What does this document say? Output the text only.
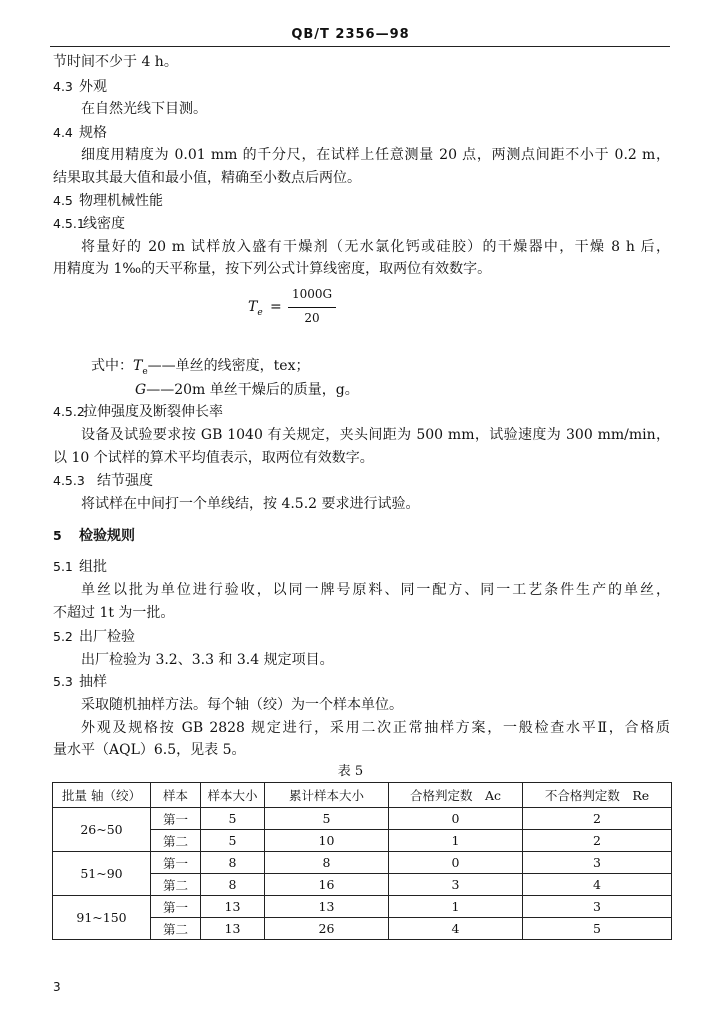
QB/T 2356—98
节时间不少于 4 h。
4.3 外观
在自然光线下目测。
4.4 规格
细度用精度为 0.01 mm 的千分尺，在试样上任意测量 20 点，两测点间距不小于 0.2 m，
结果取其最大值和最小值，精确至小数点后两位。
4.5 物理机械性能
4.5.1线密度
将量好的 20 m 试样放入盛有干燥剂（无水氯化钙或硅胶）的干燥器中，干燥 8 h 后，
用精度为 1‰的天平称量，按下列公式计算线密度，取两位有效数字。
$T_e$ =
1000G
20
式中：$T_e——$单丝的线密度，tex；
G——20m 单丝干燥后的质量，g。
4.5.2拉伸强度及断裂伸长率
设备及试验要求按 GB 1040 有关规定，夹头间距为 500 mm，试验速度为 300 mm/min，
以 10 个试样的算术平均值表示，取两位有效数字。
4.5.3 结节强度
将试样在中间打一个单线结，按 4.5.2 要求进行试验。
5 检验规则
5.1 组批
单丝以批为单位进行验收，以同一牌号原料、同一配方、同一工艺条件生产的单丝，
不超过 1t 为一批。
5.2 出厂检验
出厂检验为 3.2、3.3 和 3.4 规定项目。
5.3 抽样
采取随机抽样方法。每个轴（绞）为一个样本单位。
外观及规格按 GB 2828 规定进行，采用二次正常抽样方案，一般检查水平Ⅱ，合格质
量水平（AQL）6.5，见表 5。
表 5
批量 轴（绞）	样本	样本大小	累计样本大小	合格判定数　Ac	不合格判定数　Re
26~50	第一	5	5	0	2
	第二	5	10	1	2
51~90	第一	8	8	0	3
	第二	8	16	3	4
91~150	第一	13	13	1	3
	第二	13	26	4	5
3
